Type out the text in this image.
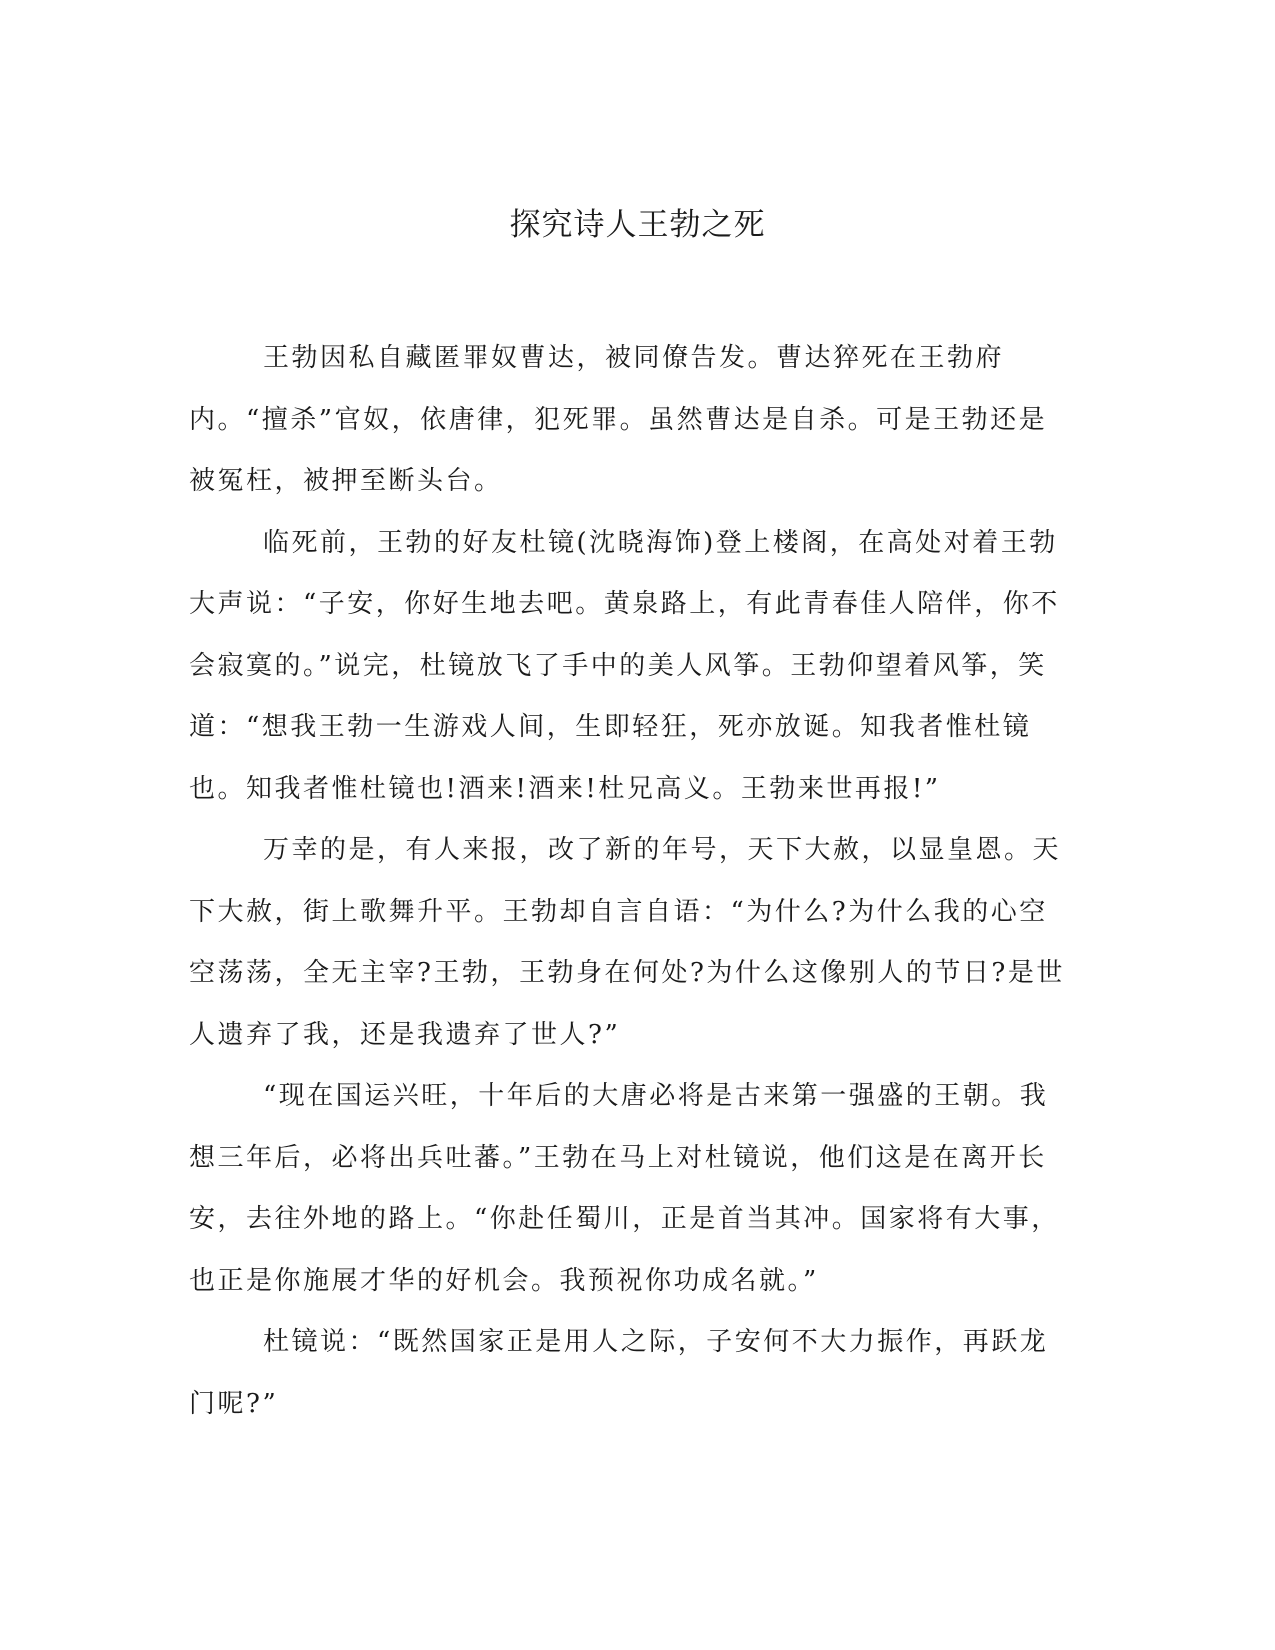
探究诗人王勃之死

王勃因私自藏匿罪奴曹达，被同僚告发。曹达猝死在王勃府内。“擅杀”官奴，依唐律，犯死罪。虽然曹达是自杀。可是王勃还是被冤枉，被押至断头台。

临死前，王勃的好友杜镜(沈晓海饰)登上楼阁，在高处对着王勃大声说：“子安，你好生地去吧。黄泉路上，有此青春佳人陪伴，你不会寂寞的。”说完，杜镜放飞了手中的美人风筝。王勃仰望着风筝，笑道：“想我王勃一生游戏人间，生即轻狂，死亦放诞。知我者惟杜镜也。知我者惟杜镜也!酒来!酒来!杜兄高义。王勃来世再报!”

万幸的是，有人来报，改了新的年号，天下大赦，以显皇恩。天下大赦，街上歌舞升平。王勃却自言自语：“为什么?为什么我的心空空荡荡，全无主宰?王勃，王勃身在何处?为什么这像别人的节日?是世人遗弃了我，还是我遗弃了世人?”

“现在国运兴旺，十年后的大唐必将是古来第一强盛的王朝。我想三年后，必将出兵吐蕃。”王勃在马上对杜镜说，他们这是在离开长安，去往外地的路上。“你赴任蜀川，正是首当其冲。国家将有大事，也正是你施展才华的好机会。我预祝你功成名就。”

杜镜说：“既然国家正是用人之际，子安何不大力振作，再跃龙门呢?”
